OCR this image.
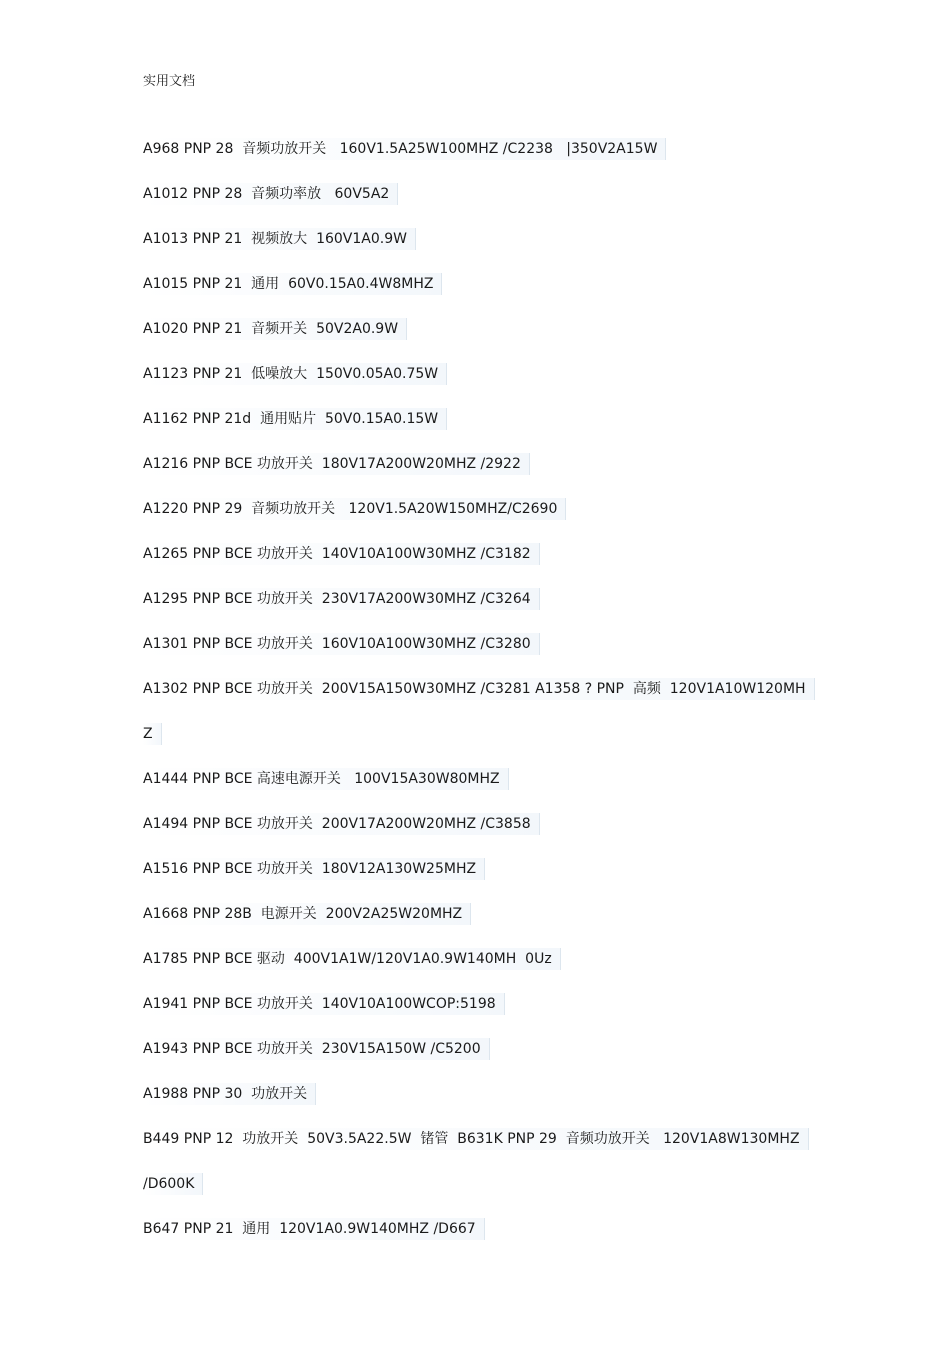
实用文档
A968 PNP 28  音频功放开关   160V1.5A25W100MHZ /C2238   |350V2A15W
A1012 PNP 28  音频功率放   60V5A2
A1013 PNP 21  视频放大  160V1A0.9W
A1015 PNP 21  通用  60V0.15A0.4W8MHZ
A1020 PNP 21  音频开关  50V2A0.9W
A1123 PNP 21  低噪放大  150V0.05A0.75W
A1162 PNP 21d  通用贴片  50V0.15A0.15W
A1216 PNP BCE 功放开关  180V17A200W20MHZ /2922
A1220 PNP 29  音频功放开关   120V1.5A20W150MHZ/C2690
A1265 PNP BCE 功放开关  140V10A100W30MHZ /C3182
A1295 PNP BCE 功放开关  230V17A200W30MHZ /C3264
A1301 PNP BCE 功放开关  160V10A100W30MHZ /C3280
A1302 PNP BCE 功放开关  200V15A150W30MHZ /C3281 A1358 ? PNP  高频  120V1A10W120MH
Z
A1444 PNP BCE 高速电源开关   100V15A30W80MHZ
A1494 PNP BCE 功放开关  200V17A200W20MHZ /C3858
A1516 PNP BCE 功放开关  180V12A130W25MHZ
A1668 PNP 28B  电源开关  200V2A25W20MHZ
A1785 PNP BCE 驱动  400V1A1W/120V1A0.9W140MH  0Uz
A1941 PNP BCE 功放开关  140V10A100WCOP:5198
A1943 PNP BCE 功放开关  230V15A150W /C5200
A1988 PNP 30  功放开关
B449 PNP 12  功放开关  50V3.5A22.5W  锗管  B631K PNP 29  音频功放开关   120V1A8W130MHZ
/D600K
B647 PNP 21  通用  120V1A0.9W140MHZ /D667
